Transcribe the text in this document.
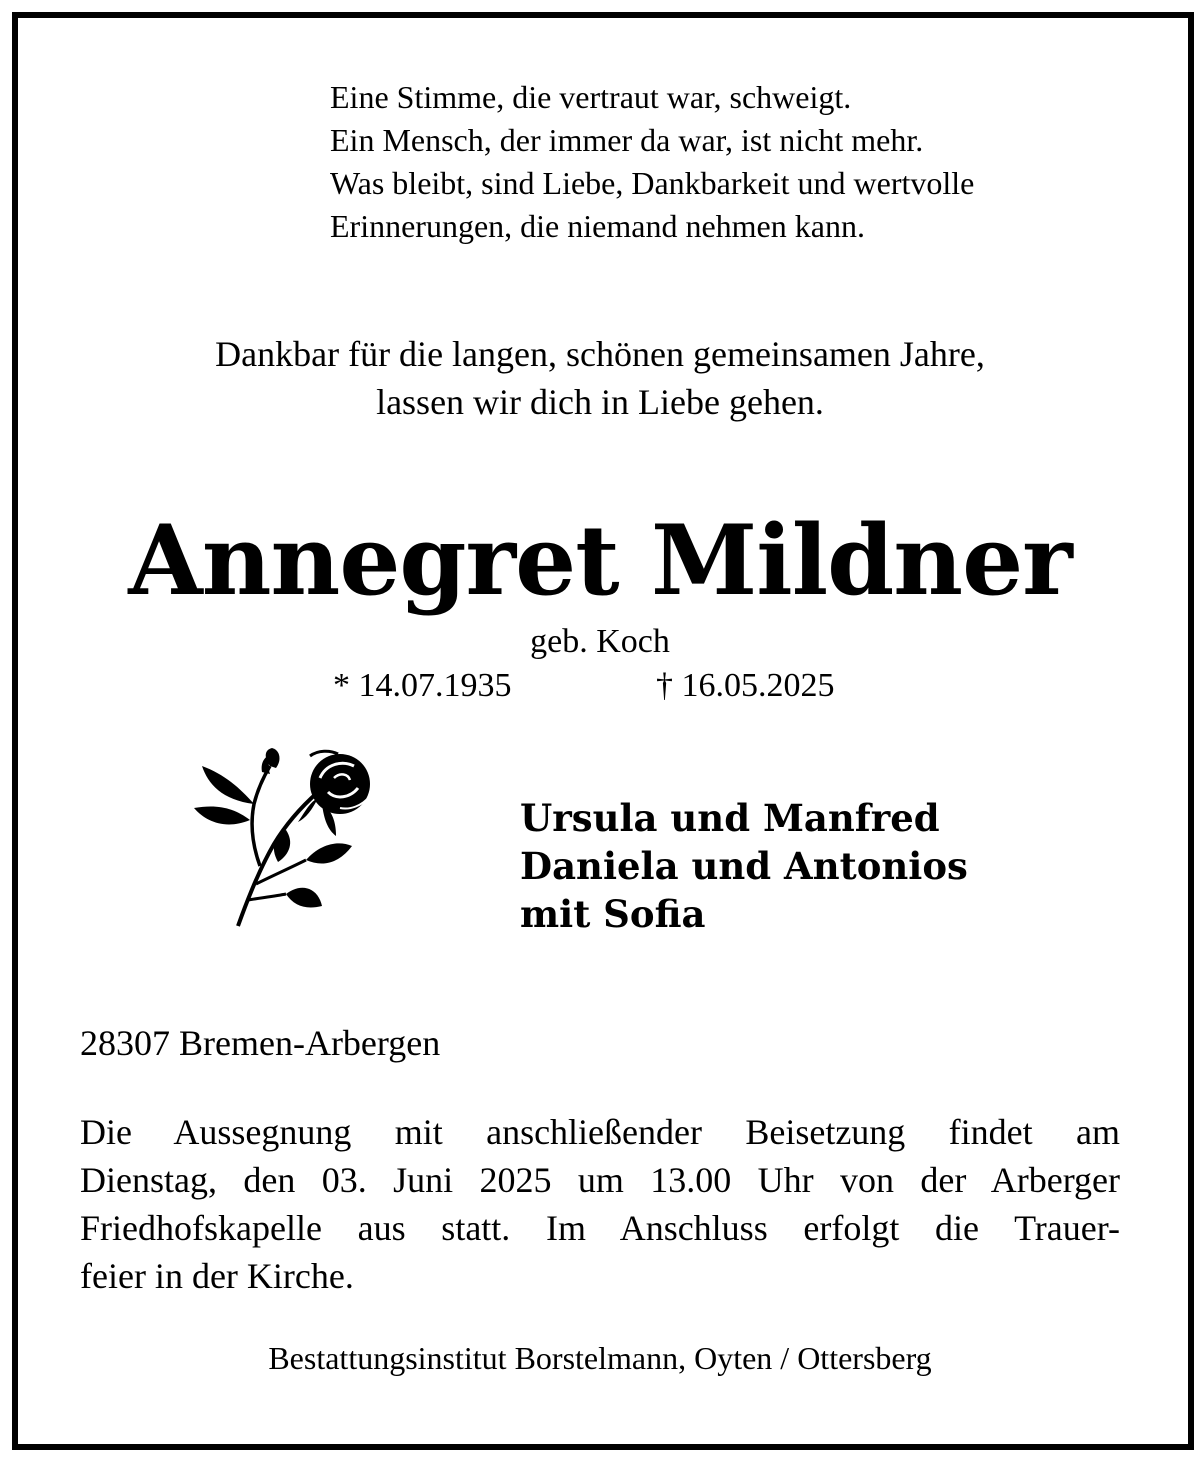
Eine Stimme, die vertraut war, schweigt.
Ein Mensch, der immer da war, ist nicht mehr.
Was bleibt, sind Liebe, Dankbarkeit und wertvolle
Erinnerungen, die niemand nehmen kann.
Dankbar für die langen, schönen gemeinsamen Jahre,
lassen wir dich in Liebe gehen.
Annegret Mildner
geb. Koch
* 14.07.1935	† 16.05.2025
Ursula und Manfred
Daniela und Antonios
mit Sofia
28307 Bremen-Arbergen
Die Aussegnung mit anschließender Beisetzung findet am
Dienstag, den 03. Juni 2025 um 13.00 Uhr von der Arberger
Friedhofskapelle aus statt. Im Anschluss erfolgt die Trauer-
feier in der Kirche.
Bestattungsinstitut Borstelmann, Oyten / Ottersberg
